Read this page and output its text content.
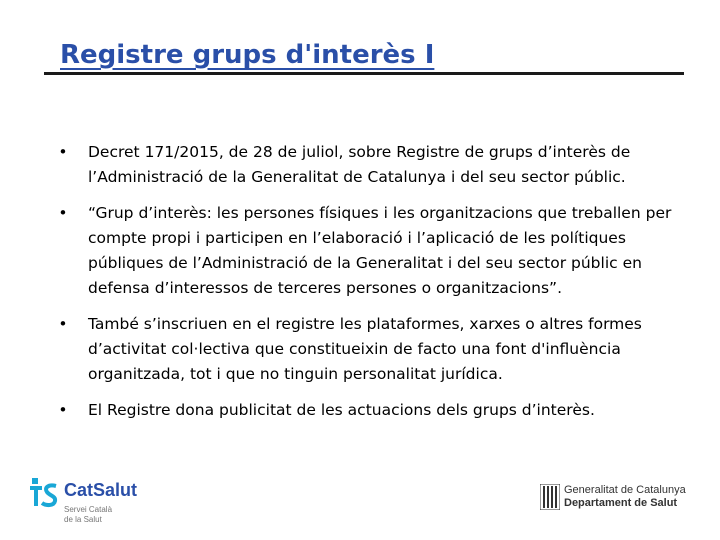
Registre grups d'interès I
• Decret 171/2015, de 28 de juliol, sobre Registre de grups d’interès de l’Administració de la Generalitat de Catalunya i del seu sector públic.
• “Grup d’interès: les persones físiques i les organitzacions que treballen per compte propi i participen en l’elaboració i l’aplicació de les polítiques públiques de l’Administració de la Generalitat i del seu sector públic en defensa d’interessos de terceres persones o organitzacions”.
• També s’inscriuen en el registre les plataformes, xarxes o altres formes d’activitat col·lectiva que constitueixin de facto una font d'influència organitzada, tot i que no tinguin personalitat jurídica.
• El Registre dona publicitat de les actuacions dels grups d’interès.
CatSalut
Servei Català
de la Salut
Generalitat de Catalunya
Departament de Salut
